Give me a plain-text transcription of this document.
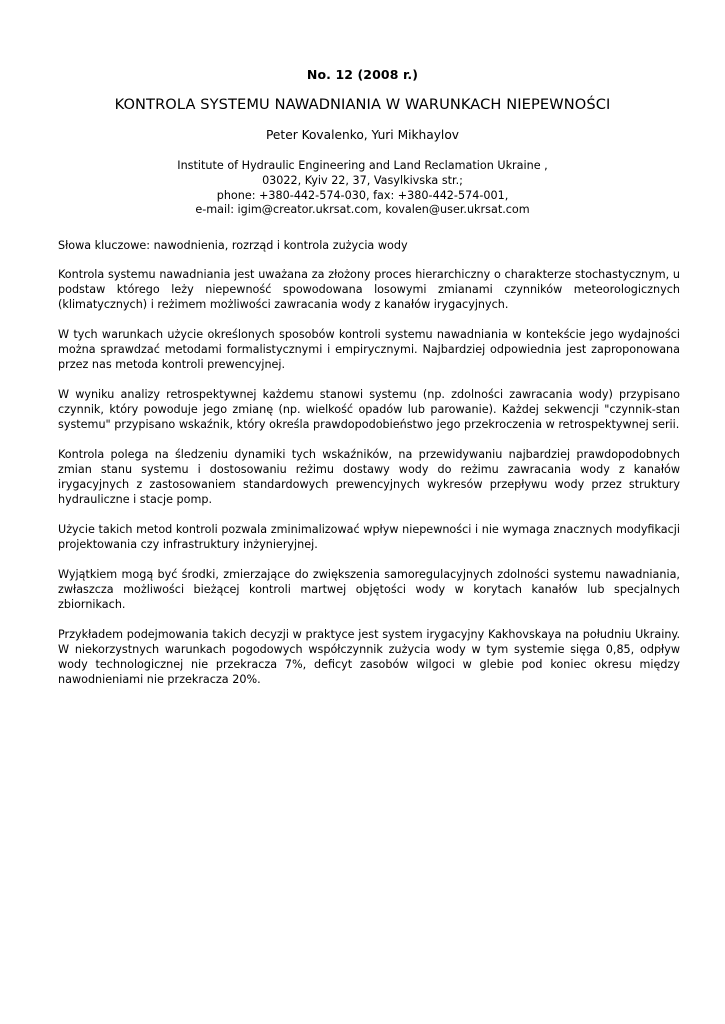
No. 12 (2008 r.)
KONTROLA SYSTEMU NAWADNIANIA W WARUNKACH NIEPEWNOŚCI
Peter Kovalenko, Yuri Mikhaylov
Institute of Hydraulic Engineering and Land Reclamation Ukraine ,
03022, Kyiv 22, 37, Vasylkivska str.;
phone: +380-442-574-030, fax: +380-442-574-001,
e-mail: igim@creator.ukrsat.com, kovalen@user.ukrsat.com

Słowa kluczowe: nawodnienia, rozrząd i kontrola zużycia wody

Kontrola systemu nawadniania jest uważana za złożony proces hierarchiczny o charakterze stochastycznym, u podstaw którego leży niepewność spowodowana losowymi zmianami czynników meteorologicznych (klimatycznych) i reżimem możliwości zawracania wody z kanałów irygacyjnych.

W tych warunkach użycie określonych sposobów kontroli systemu nawadniania w kontekście jego wydajności można sprawdzać metodami formalistycznymi i empirycznymi. Najbardziej odpowiednia jest zaproponowana przez nas metoda kontroli prewencyjnej.

W wyniku analizy retrospektywnej każdemu stanowi systemu (np. zdolności zawracania wody) przypisano czynnik, który powoduje jego zmianę (np. wielkość opadów lub parowanie). Każdej sekwencji "czynnik-stan systemu" przypisano wskaźnik, który określa prawdopodobieństwo jego przekroczenia w retrospektywnej serii.

Kontrola polega na śledzeniu dynamiki tych wskaźników, na przewidywaniu najbardziej prawdopodobnych zmian stanu systemu i dostosowaniu reżimu dostawy wody do reżimu zawracania wody z kanałów irygacyjnych z zastosowaniem standardowych prewencyjnych wykresów przepływu wody przez struktury hydrauliczne i stacje pomp.

Użycie takich metod kontroli pozwala zminimalizować wpływ niepewności i nie wymaga znacznych modyfikacji projektowania czy infrastruktury inżynieryjnej.

Wyjątkiem mogą być środki, zmierzające do zwiększenia samoregulacyjnych zdolności systemu nawadniania, zwłaszcza możliwości bieżącej kontroli martwej objętości wody w korytach kanałów lub specjalnych zbiornikach.

Przykładem podejmowania takich decyzji w praktyce jest system irygacyjny Kakhovskaya na południu Ukrainy. W niekorzystnych warunkach pogodowych współczynnik zużycia wody w tym systemie sięga 0,85, odpływ wody technologicznej nie przekracza 7%, deficyt zasobów wilgoci w glebie pod koniec okresu między nawodnieniami nie przekracza 20%.
